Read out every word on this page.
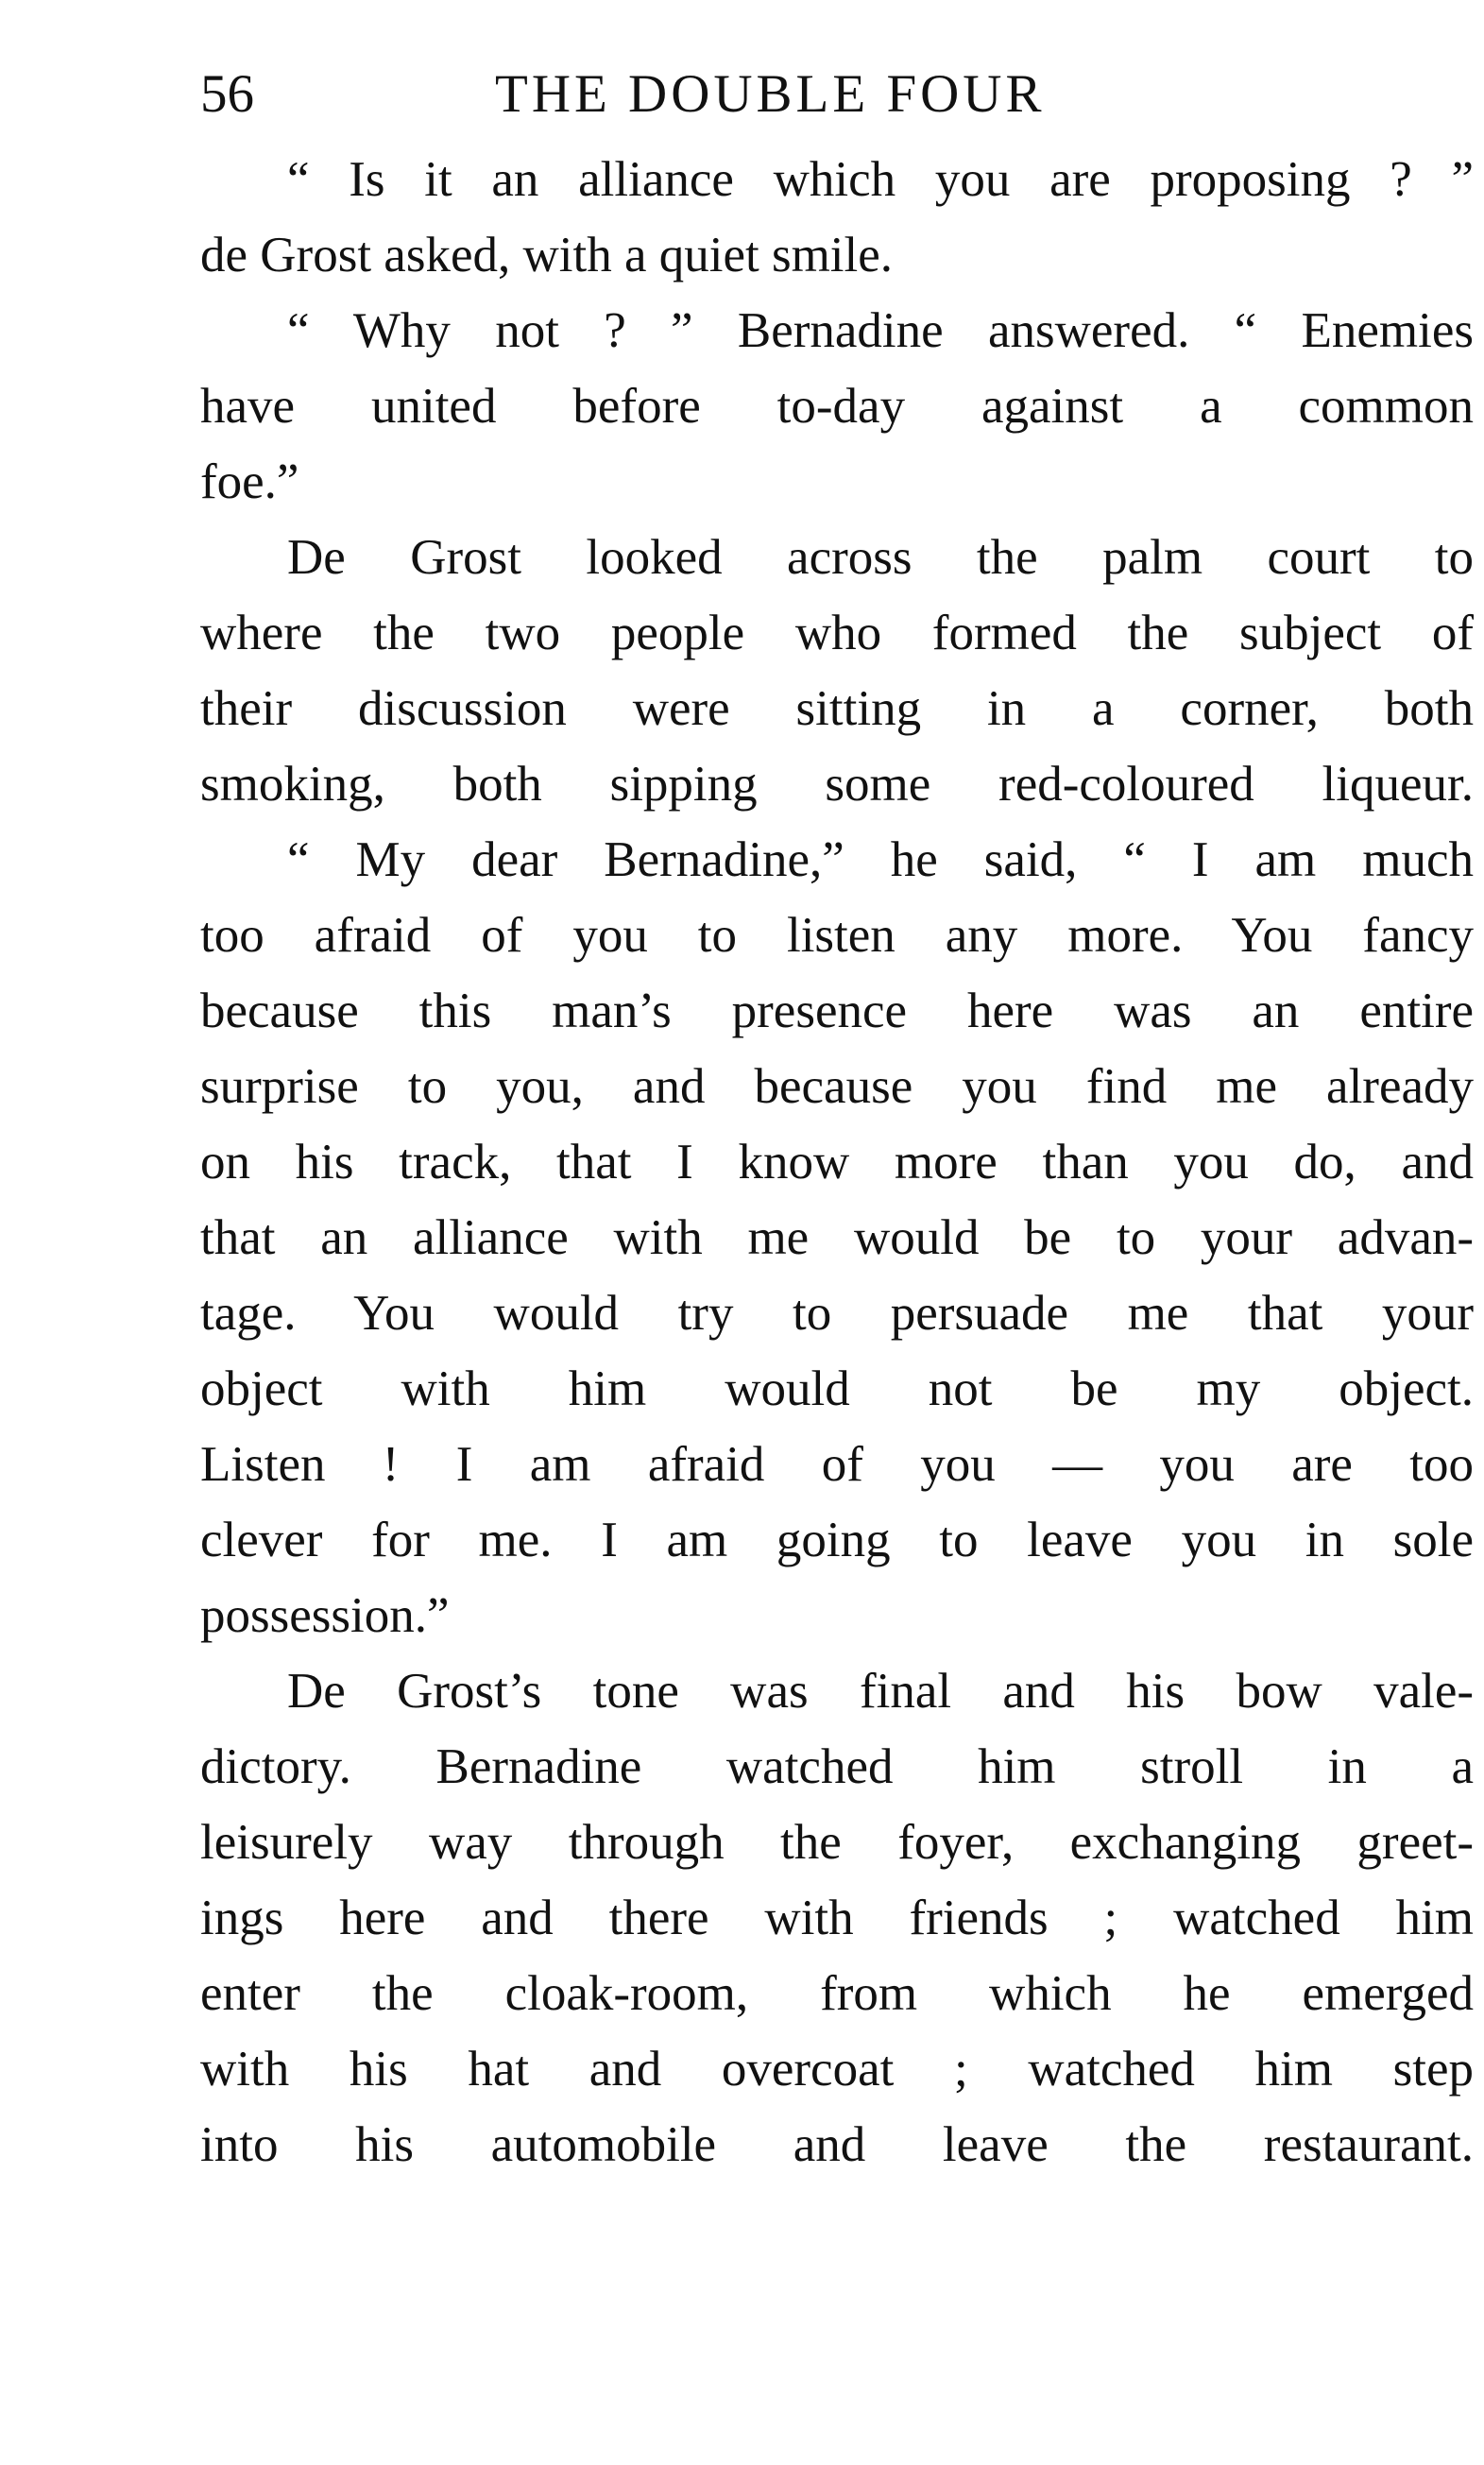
56	THE DOUBLE FOUR
“ Is it an alliance which you are proposing ? ”
de Grost asked, with a quiet smile.
“ Why not ? ” Bernadine answered. “ Enemies
have united before to-day against a common
foe.”
De Grost looked across the palm court to
where the two people who formed the subject of
their discussion were sitting in a corner, both
smoking, both sipping some red-coloured liqueur.
“ My dear Bernadine,” he said, “ I am much
too afraid of you to listen any more. You fancy
because this man’s presence here was an entire
surprise to you, and because you find me already
on his track, that I know more than you do, and
that an alliance with me would be to your advan-
tage. You would try to persuade me that your
object with him would not be my object.
Listen ! I am afraid of you — you are too
clever for me. I am going to leave you in sole
possession.”
De Grost’s tone was final and his bow vale-
dictory. Bernadine watched him stroll in a
leisurely way through the foyer, exchanging greet-
ings here and there with friends ; watched him
enter the cloak-room, from which he emerged
with his hat and overcoat ; watched him step
into his automobile and leave the restaurant.
